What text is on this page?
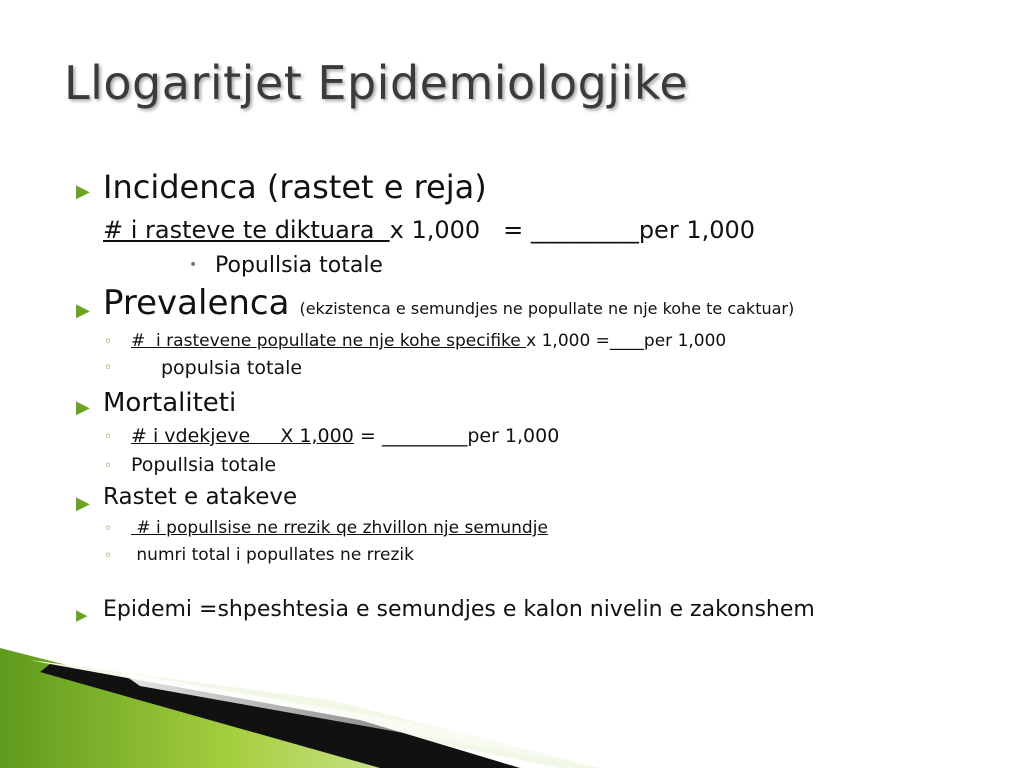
Llogaritjet Epidemiologjike
▶ Incidenca (rastet e reja)
# i rasteve te diktuara x 1,000   = _________per 1,000
• Popullsia totale
▶ Prevalenca (ekzistenca e semundjes ne popullate ne nje kohe te caktuar)
◦ #  i rastevene popullate ne nje kohe specifike x 1,000 =____per 1,000
◦	populsia totale
▶ Mortaliteti
◦ # i vdekjeve     X 1,000 = _________per 1,000
◦ Popullsia totale
▶ Rastet e atakeve
◦ # i popullsise ne rrezik qe zhvillon nje semundje
◦ numri total i popullates ne rrezik
▶ Epidemi =shpeshtesia e semundjes e kalon nivelin e zakonshem
